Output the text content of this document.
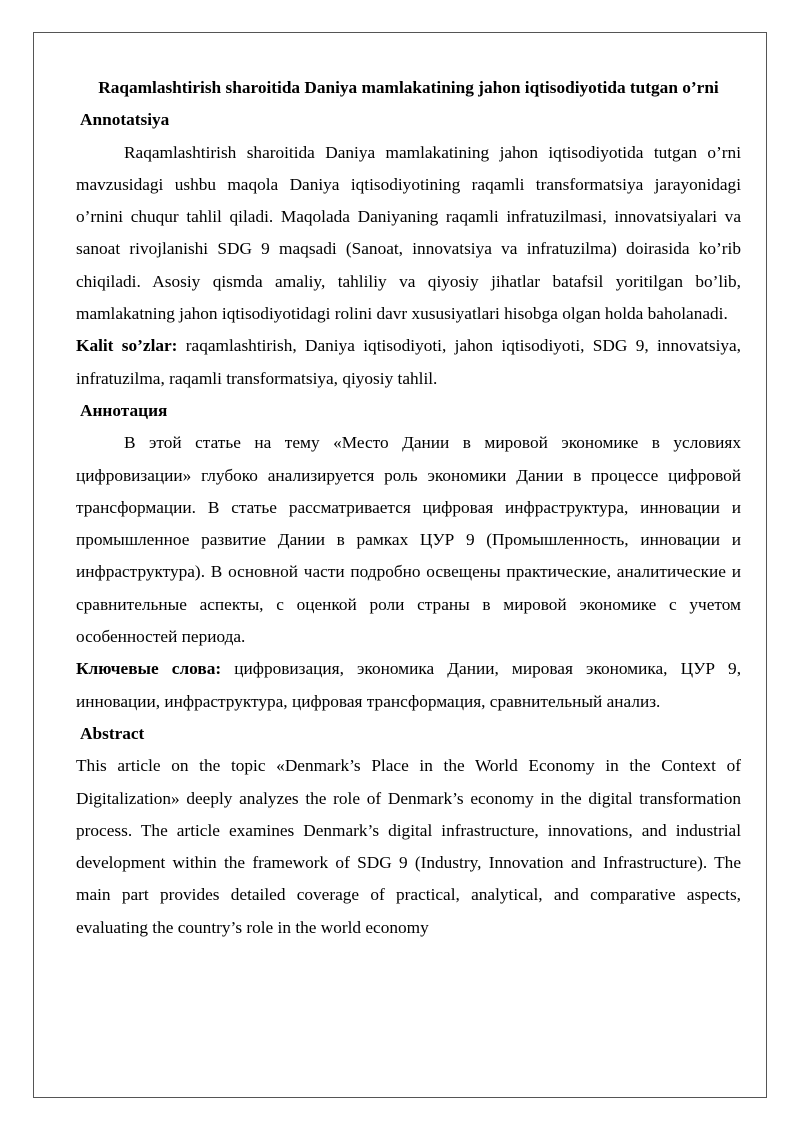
Raqamlashtirish sharoitida Daniya mamlakatining jahon iqtisodiyotida tutgan o’rni

Annotatsiya

Raqamlashtirish sharoitida Daniya mamlakatining jahon iqtisodiyotida tutgan o’rni mavzusidagi ushbu maqola Daniya iqtisodiyotining raqamli transformatsiya jarayonidagi o’rnini chuqur tahlil qiladi. Maqolada Daniyaning raqamli infratuzilmasi, innovatsiyalari va sanoat rivojlanishi SDG 9 maqsadi (Sanoat, innovatsiya va infratuzilma) doirasida ko’rib chiqiladi. Asosiy qismda amaliy, tahliliy va qiyosiy jihatlar batafsil yoritilgan bo’lib, mamlakatning jahon iqtisodiyotidagi rolini davr xususiyatlari hisobga olgan holda baholanadi.

Kalit so’zlar: raqamlashtirish, Daniya iqtisodiyoti, jahon iqtisodiyoti, SDG 9, innovatsiya, infratuzilma, raqamli transformatsiya, qiyosiy tahlil.

Аннотация

В этой статье на тему «Место Дании в мировой экономике в условиях цифровизации» глубоко анализируется роль экономики Дании в процессе цифровой трансформации. В статье рассматривается цифровая инфраструктура, инновации и промышленное развитие Дании в рамках ЦУР 9 (Промышленность, инновации и инфраструктура). В основной части подробно освещены практические, аналитические и сравнительные аспекты, с оценкой роли страны в мировой экономике с учетом особенностей периода.

Ключевые слова: цифровизация, экономика Дании, мировая экономика, ЦУР 9, инновации, инфраструктура, цифровая трансформация, сравнительный анализ.

Abstract

This article on the topic «Denmark’s Place in the World Economy in the Context of Digitalization» deeply analyzes the role of Denmark’s economy in the digital transformation process. The article examines Denmark’s digital infrastructure, innovations, and industrial development within the framework of SDG 9 (Industry, Innovation and Infrastructure). The main part provides detailed coverage of practical, analytical, and comparative aspects, evaluating the country’s role in the world economy
